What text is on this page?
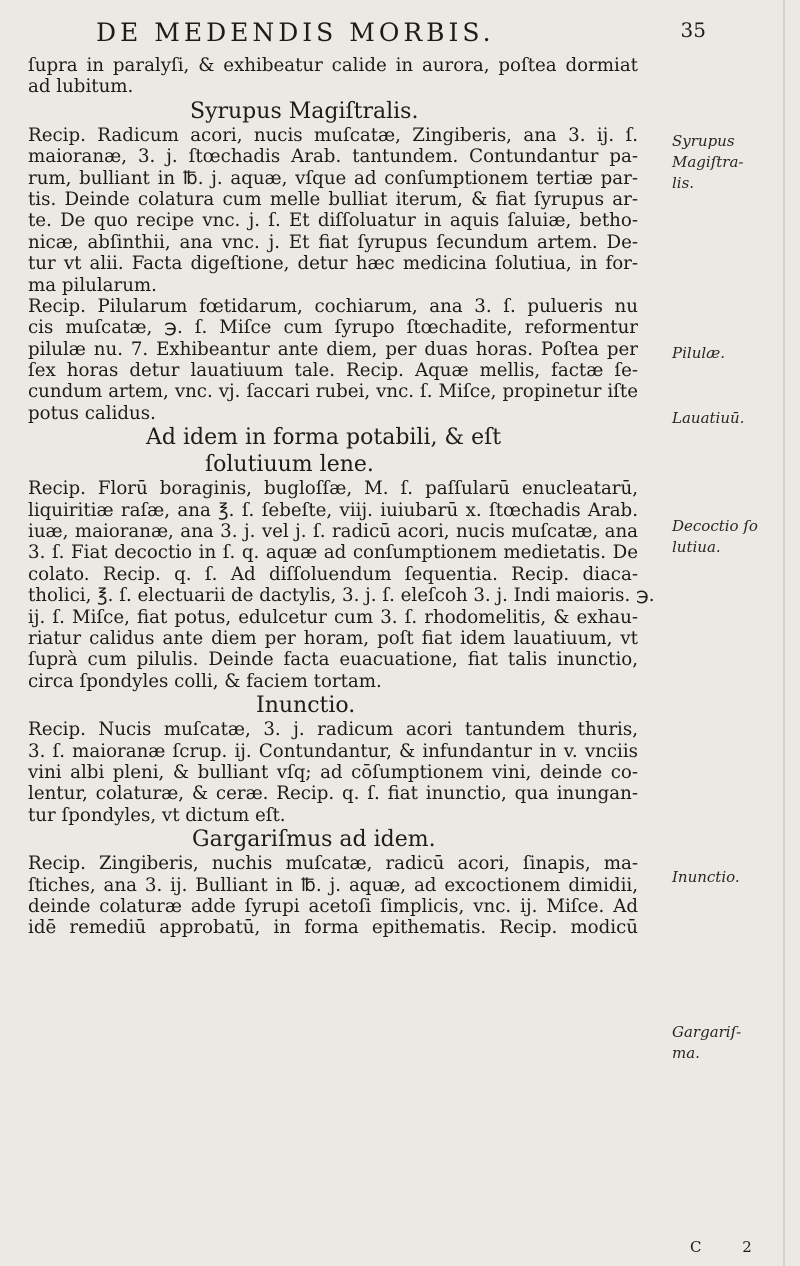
DE MEDENDIS MORBIS.	35
ſupra in paralyſi, & exhibeatur calide in aurora, poſtea dormiat
ad lubitum.
Syrupus Magiſtralis.
Recip. Radicum acori, nucis muſcatæ, Zingiberis, ana 3. ij. ſ.
maioranæ, 3. j. ſtœchadis Arab. tantundem. Contundantur pa-
rum, bulliant in ℔. j. aquæ, vſque ad conſumptionem tertiæ par-
tis. Deinde colatura cum melle bulliat iterum, & fiat ſyrupus ar-
te. De quo recipe vnc. j. ſ. Et diſſoluatur in aquis ſaluiæ, betho-
nicæ, abſinthii, ana vnc. j. Et fiat ſyrupus ſecundum artem. De-
tur vt alii. Facta digeſtione, detur hæc medicina ſolutiua, in for-
ma pilularum.
Recip. Pilularum fœtidarum, cochiarum, ana 3. ſ. pulueris nu
cis muſcatæ, ℈. ſ. Miſce cum ſyrupo ſtœchadite, reformentur
pilulæ nu. 7. Exhibeantur ante diem, per duas horas. Poſtea per
ſex horas detur lauatiuum tale. Recip. Aquæ mellis, factæ ſe-
cundum artem, vnc. vj. ſaccari rubei, vnc. ſ. Miſce, propinetur iſte
potus calidus.
Ad idem in forma potabili, & eſt
ſolutiuum lene.
Recip. Florū boraginis, bugloſſæ, M. ſ. paſſularū enucleatarū,
liquiritiæ raſæ, ana ℥. ſ. ſebeſte, viij. iuiubarū x. ſtœchadis Arab.
iuæ, maioranæ, ana 3. j. vel j. ſ. radicū acori, nucis muſcatæ, ana
3. ſ. Fiat decoctio in ſ. q. aquæ ad conſumptionem medietatis. De
colato. Recip. q. ſ. Ad diſſoluendum ſequentia. Recip. diaca-
tholici, ℥. ſ. electuarii de dactylis, 3. j. ſ. eleſcoh 3. j. Indi maioris. ℈.
ij. ſ. Miſce, fiat potus, edulcetur cum 3. ſ. rhodomelitis, & exhau-
riatur calidus ante diem per horam, poſt fiat idem lauatiuum, vt
ſuprà cum pilulis. Deinde facta euacuatione, fiat talis inunctio,
circa ſpondyles colli, & faciem tortam.
Inunctio.
Recip. Nucis muſcatæ, 3. j. radicum acori tantundem thuris,
3. ſ. maioranæ ſcrup. ij. Contundantur, & infundantur in v. vnciis
vini albi pleni, & bulliant vſq; ad cōſumptionem vini, deinde co-
lentur, colaturæ, & ceræ. Recip. q. ſ. fiat inunctio, qua inungan-
tur ſpondyles, vt dictum eſt.
Gargariſmus ad idem.
Recip. Zingiberis, nuchis muſcatæ, radicū acori, ſinapis, ma-
ſtiches, ana 3. ij. Bulliant in ℔. j. aquæ, ad excoctionem dimidii,
deinde colaturæ adde ſyrupi acetoſi ſimplicis, vnc. ij. Miſce. Ad
idē remediū approbatū, in forma epithematis. Recip. modicū
Syrupus
Magiſtra-
lis.
Pilulæ.
Lauatiuū.
Decoctio ſo
lutiua.
Inunctio.
Gargariſ-
ma.
C 2
